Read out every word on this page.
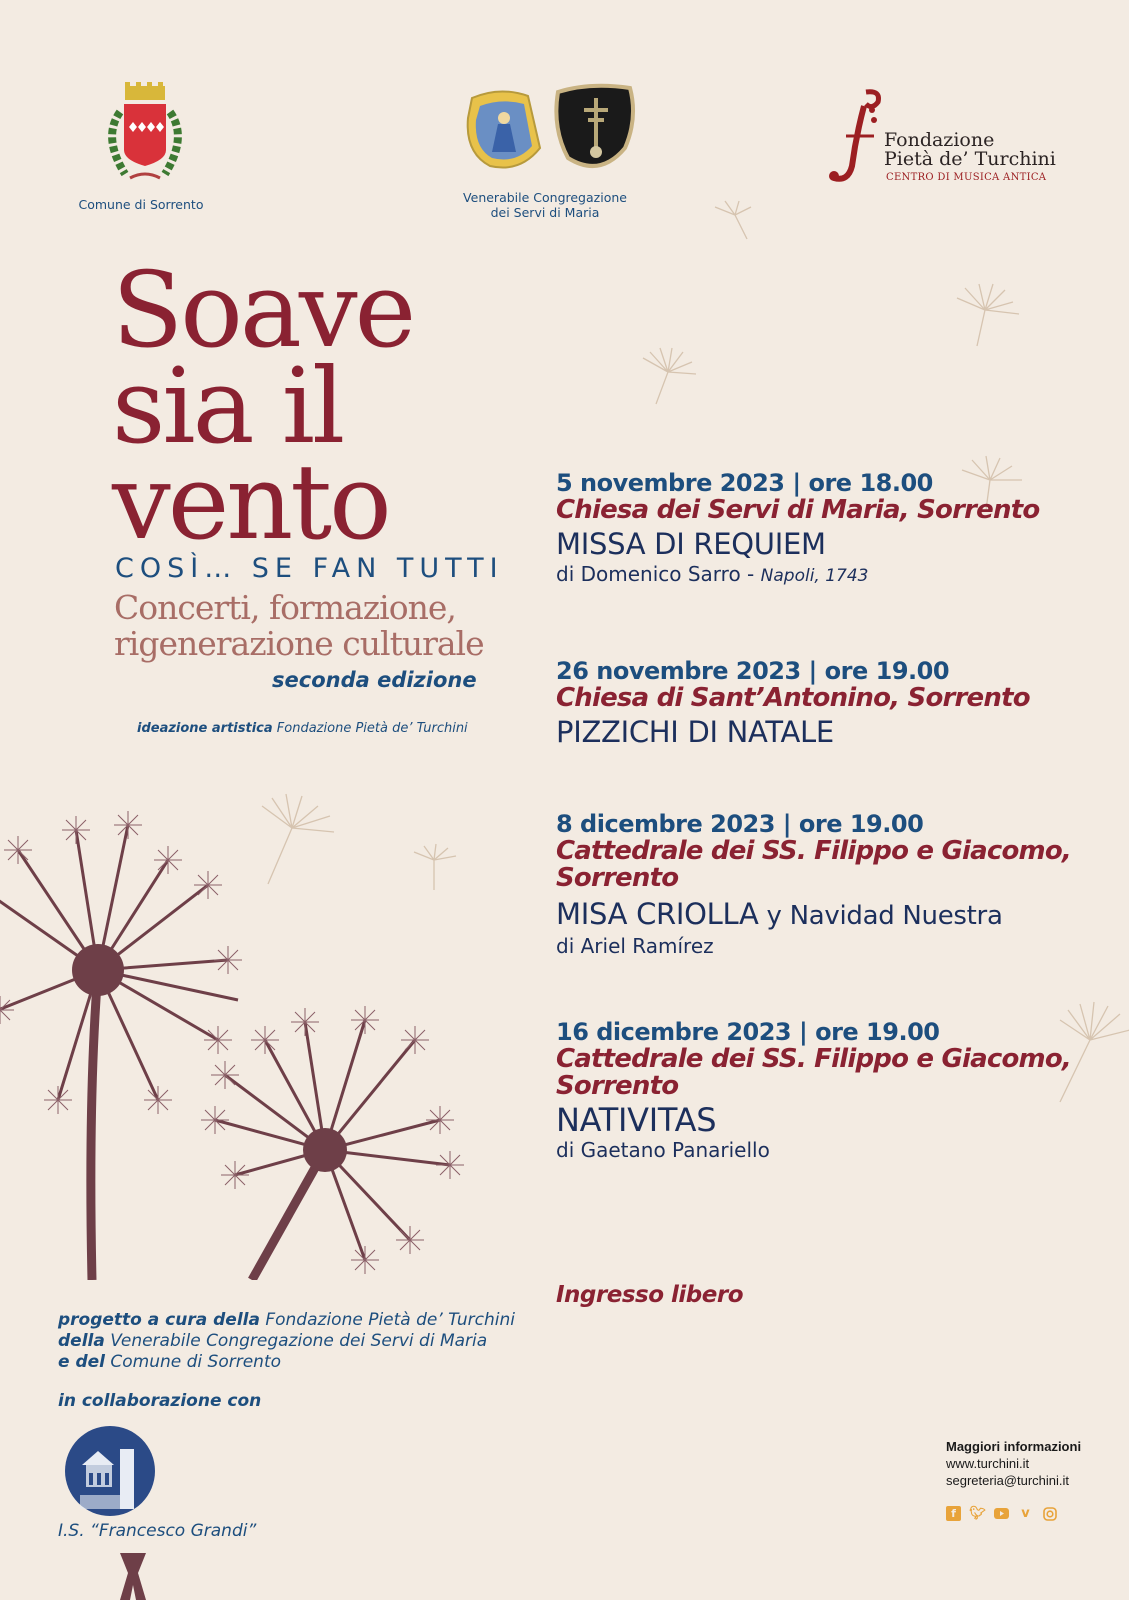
Comune di Sorrento	Venerabile Congregazione
dei Servi di Maria
Fondazione
Pietà de’ Turchini
CENTRO DI MUSICA ANTICA
Soave
sia il
vento
COSÌ… SE FAN TUTTI
Concerti, formazione,
rigenerazione culturale
seconda edizione
ideazione artistica Fondazione Pietà de’ Turchini
5 novembre 2023 | ore 18.00
Chiesa dei Servi di Maria, Sorrento
MISSA DI REQUIEM
di Domenico Sarro - Napoli, 1743
26 novembre 2023 | ore 19.00
Chiesa di Sant’Antonino, Sorrento
PIZZICHI DI NATALE
8 dicembre 2023 | ore 19.00
Cattedrale dei SS. Filippo e Giacomo,
Sorrento
MISA CRIOLLA y Navidad Nuestra
di Ariel Ramírez
16 dicembre 2023 | ore 19.00
Cattedrale dei SS. Filippo e Giacomo,
Sorrento
NATIVITAS
di Gaetano Panariello
Ingresso libero
progetto a cura della Fondazione Pietà de’ Turchini
della Venerabile Congregazione dei Servi di Maria
e del Comune di Sorrento
in collaborazione con
I.S. “Francesco Grandi”
Maggiori informazioni
www.turchini.it
segreteria@turchini.it
f	🐦︎	v
